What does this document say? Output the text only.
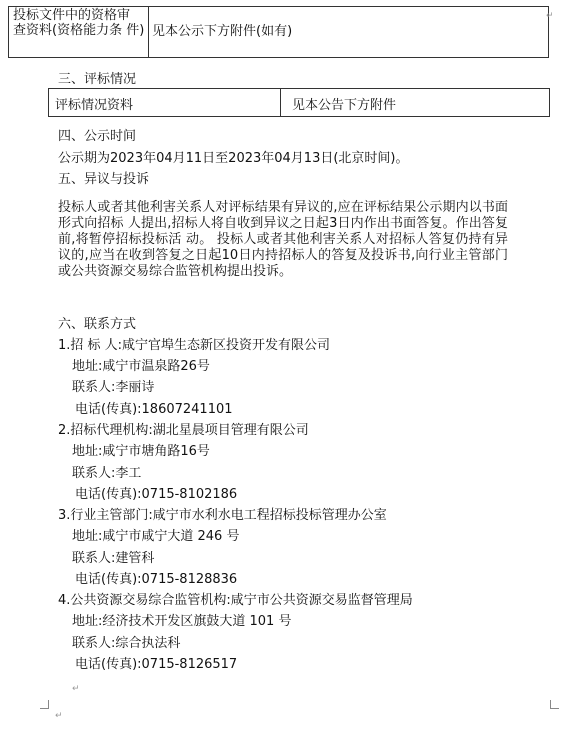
投标文件中的资格审 查资料(资格能力条 件) 见本公示下方附件(如有)
↵
三、评标情况
评标情况资料	见本公告下方附件
四、公示时间
公示期为2023年04月11日至2023年04月13日(北京时间)。
五、异议与投诉
投标人或者其他利害关系人对评标结果有异议的,应在评标结果公示期内以书面形式向招标 人提出,招标人将自收到异议之日起3日内作出书面答复。作出答复前,将暂停招标投标活 动。 投标人或者其他利害关系人对招标人答复仍持有异议的,应当在收到答复之日起10日内持招标人的答复及投诉书,向行业主管部门或公共资源交易综合监管机构提出投诉。
六、联系方式
1.招 标 人:咸宁官埠生态新区投资开发有限公司
地址:咸宁市温泉路26号
联系人:李丽诗
电话(传真):18607241101
2.招标代理机构:湖北星晨项目管理有限公司
地址:咸宁市塘角路16号
联系人:李工
电话(传真):0715-8102186
3.行业主管部门:咸宁市水利水电工程招标投标管理办公室
地址:咸宁市咸宁大道 246 号
联系人:建管科
电话(传真):0715-8128836
4.公共资源交易综合监管机构:咸宁市公共资源交易监督管理局
地址:经济技术开发区旗鼓大道 101 号
联系人:综合执法科
电话(传真):0715-8126517
↵
↵
